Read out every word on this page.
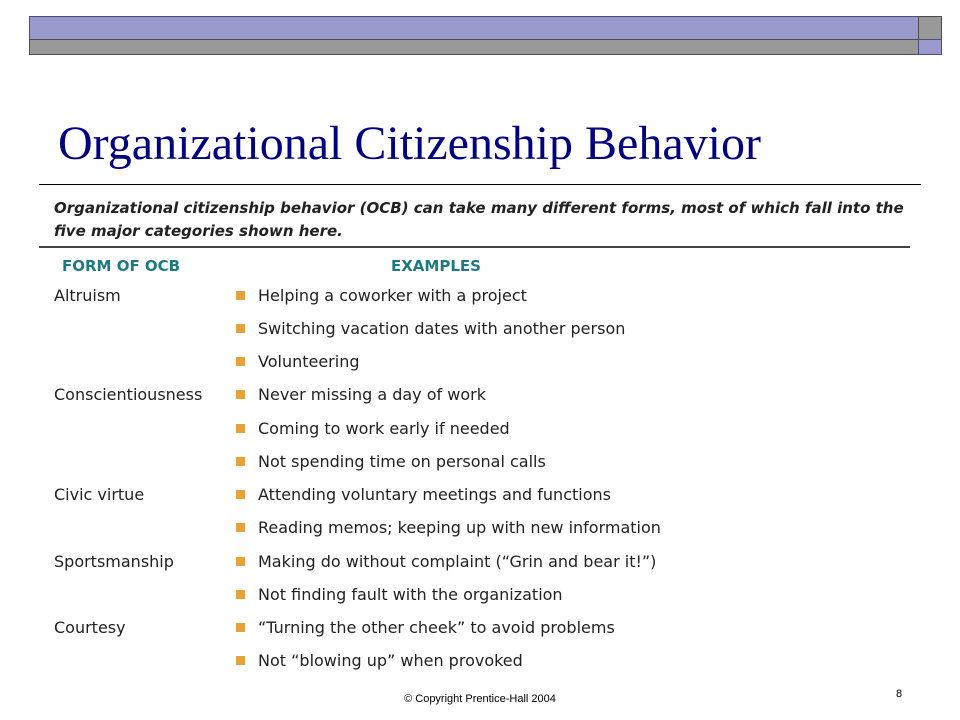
Organizational Citizenship Behavior
Organizational citizenship behavior (OCB) can take many different forms, most of which fall into the five major categories shown here.
FORM OF OCB	EXAMPLES
Altruism
Conscientiousness
Civic virtue
Sportsmanship
Courtesy
Helping a coworker with a project
Switching vacation dates with another person
Volunteering
Never missing a day of work
Coming to work early if needed
Not spending time on personal calls
Attending voluntary meetings and functions
Reading memos; keeping up with new information
Making do without complaint (“Grin and bear it!”)
Not finding fault with the organization
“Turning the other cheek” to avoid problems
Not “blowing up” when provoked
© Copyright Prentice-Hall 2004	8
